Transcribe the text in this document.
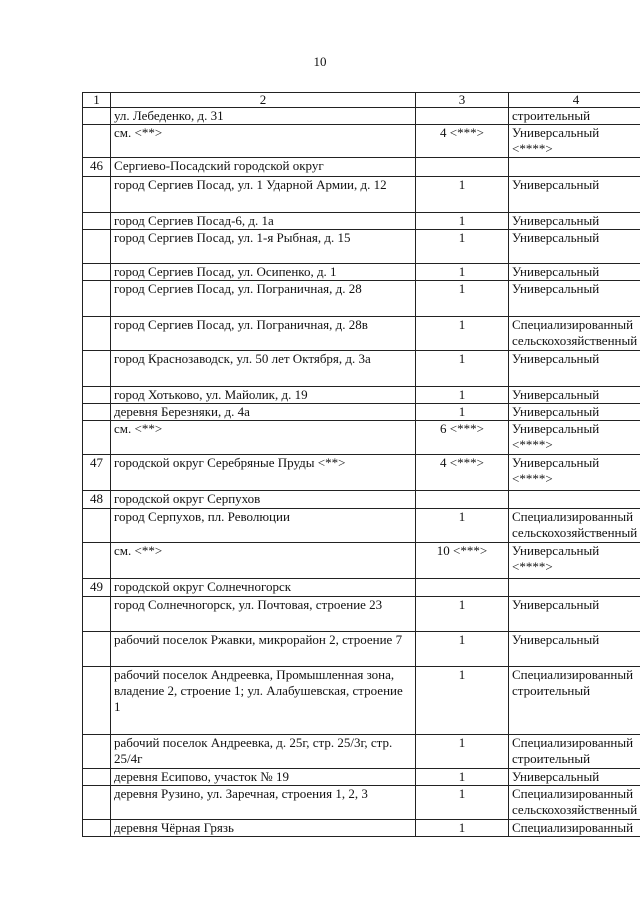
10
1	2	3	4
	ул. Лебеденко, д. 31		строительный
	см. <**>	4 <***>	Универсальный <****>
46	Сергиево-Посадский городской округ		
	город Сергиев Посад, ул. 1 Ударной Армии, д. 12	1	Универсальный
	город Сергиев Посад-6, д. 1а	1	Универсальный
	город Сергиев Посад, ул. 1-я Рыбная, д. 15	1	Универсальный
	город Сергиев Посад, ул. Осипенко, д. 1	1	Универсальный
	город Сергиев Посад, ул. Пограничная, д. 28	1	Универсальный
	город Сергиев Посад, ул. Пограничная, д. 28в	1	Специализированный сельскохозяйственный
	город Краснозаводск, ул. 50 лет Октября, д. 3а	1	Универсальный
	город Хотьково, ул. Майолик, д. 19	1	Универсальный
	деревня Березняки, д. 4а	1	Универсальный
	см. <**>	6 <***>	Универсальный <****>
47	городской округ Серебряные Пруды <**>	4 <***>	Универсальный <****>
48	городской округ Серпухов		
	город Серпухов, пл. Революции	1	Специализированный сельскохозяйственный
	см. <**>	10 <***>	Универсальный <****>
49	городской округ Солнечногорск		
	город Солнечногорск, ул. Почтовая, строение 23	1	Универсальный
	рабочий поселок Ржавки, микрорайон 2, строение 7	1	Универсальный
	рабочий поселок Андреевка, Промышленная зона, владение 2, строение 1; ул. Алабушевская, строение 1	1	Специализированный строительный
	рабочий поселок Андреевка, д. 25г, стр. 25/3г, стр. 25/4г	1	Специализированный строительный
	деревня Есипово, участок № 19	1	Универсальный
	деревня Рузино, ул. Заречная, строения 1, 2, 3	1	Специализированный сельскохозяйственный
	деревня Чёрная Грязь	1	Специализированный
